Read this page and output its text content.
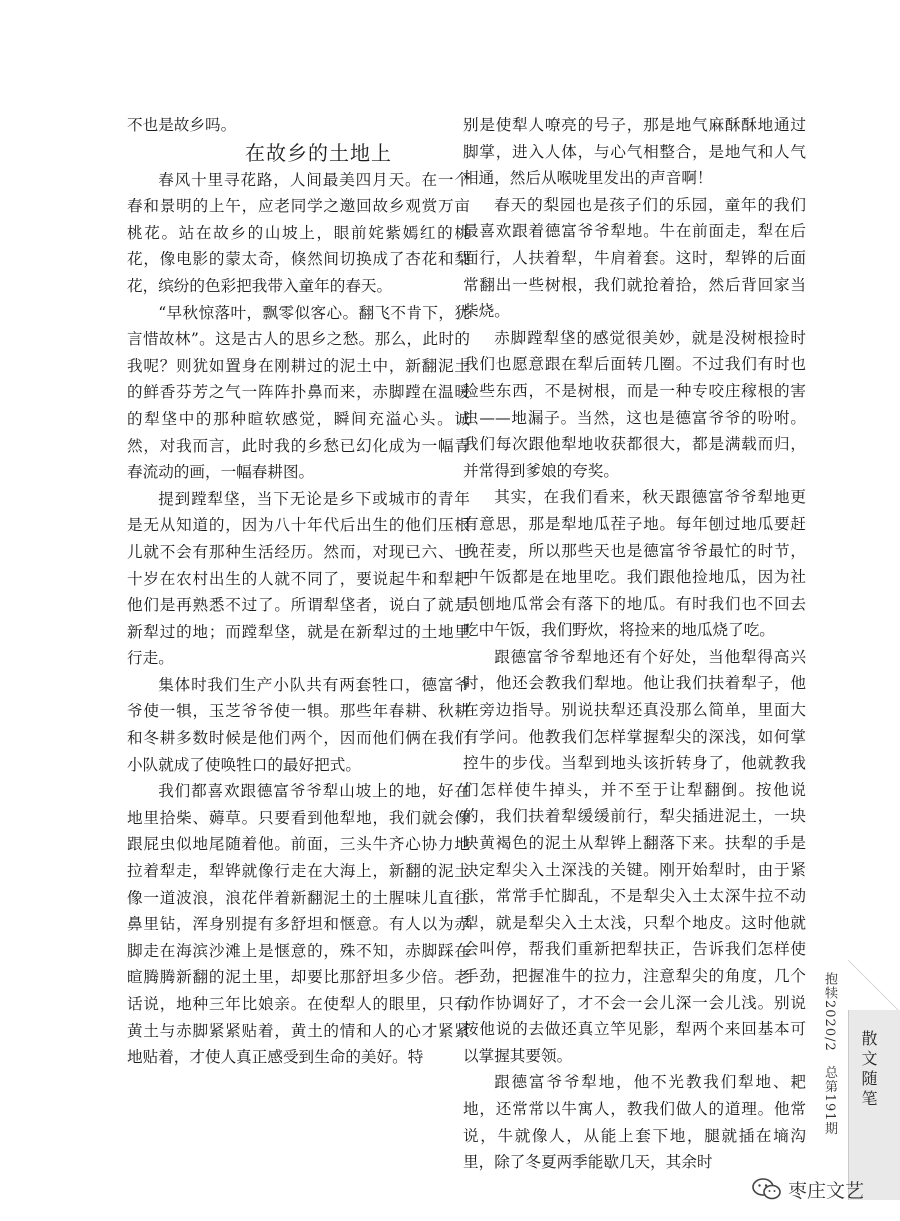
不也是故乡吗。

在故乡的土地上

春风十里寻花路，人间最美四月天。在一个春和景明的上午，应老同学之邀回故乡观赏万亩桃花。站在故乡的山坡上，眼前姹紫嫣红的桃花，像电影的蒙太奇，倏然间切换成了杏花和梨花，缤纷的色彩把我带入童年的春天。

“早秋惊落叶，飘零似客心。翻飞不肯下，犹言惜故林”。这是古人的思乡之愁。那么，此时的我呢？则犹如置身在刚耕过的泥土中，新翻泥土的鲜香芬芳之气一阵阵扑鼻而来，赤脚蹚在温暖的犁垡中的那种暄软感觉，瞬间充溢心头。诚然，对我而言，此时我的乡愁已幻化成为一幅青春流动的画，一幅春耕图。

提到蹚犁垡，当下无论是乡下或城市的青年是无从知道的，因为八十年代后出生的他们压根儿就不会有那种生活经历。然而，对现已六、七十岁在农村出生的人就不同了，要说起牛和犁耙他们是再熟悉不过了。所谓犁垡者，说白了就是新犁过的地；而蹚犁垡，就是在新犁过的土地里行走。

集体时我们生产小队共有两套牲口，德富爷爷使一犋，玉芝爷爷使一犋。那些年春耕、秋耕和冬耕多数时候是他们两个，因而他们俩在我们小队就成了使唤牲口的最好把式。

我们都喜欢跟德富爷爷犁山坡上的地，好在地里拾柴、薅草。只要看到他犁地，我们就会像跟屁虫似地尾随着他。前面，三头牛齐心协力地拉着犁走，犁铧就像行走在大海上，新翻的泥土像一道波浪，浪花伴着新翻泥土的土腥味儿直往鼻里钻，浑身别提有多舒坦和惬意。有人以为赤脚走在海滨沙滩上是惬意的，殊不知，赤脚踩在暄腾腾新翻的泥土里，却要比那舒坦多少倍。老话说，地种三年比娘亲。在使犁人的眼里，只有黄土与赤脚紧紧贴着，黄土的情和人的心才紧紧地贴着，才使人真正感受到生命的美好。特

别是使犁人嘹亮的号子，那是地气麻酥酥地通过脚掌，进入人体，与心气相整合，是地气和人气相通，然后从喉咙里发出的声音啊！

春天的梨园也是孩子们的乐园，童年的我们最喜欢跟着德富爷爷犁地。牛在前面走，犁在后面行，人扶着犁，牛肩着套。这时，犁铧的后面常翻出一些树根，我们就抢着拾，然后背回家当柴烧。

赤脚蹚犁垡的感觉很美妙，就是没树根捡时我们也愿意跟在犁后面转几圈。不过我们有时也捡些东西，不是树根，而是一种专咬庄稼根的害虫——地漏子。当然，这也是德富爷爷的吩咐。我们每次跟他犁地收获都很大，都是满载而归，并常得到爹娘的夸奖。

其实，在我们看来，秋天跟德富爷爷犁地更有意思，那是犁地瓜茬子地。每年刨过地瓜要赶晚茬麦，所以那些天也是德富爷爷最忙的时节，中午饭都是在地里吃。我们跟他捡地瓜，因为社员刨地瓜常会有落下的地瓜。有时我们也不回去吃中午饭，我们野炊，将捡来的地瓜烧了吃。

跟德富爷爷犁地还有个好处，当他犁得高兴时，他还会教我们犁地。他让我们扶着犁子，他在旁边指导。别说扶犁还真没那么简单，里面大有学问。他教我们怎样掌握犁尖的深浅，如何掌控牛的步伐。当犁到地头该折转身了，他就教我们怎样使牛掉头，并不至于让犁翻倒。按他说的，我们扶着犁缓缓前行，犁尖插进泥土，一块块黄褐色的泥土从犁铧上翻落下来。扶犁的手是决定犁尖入土深浅的关键。刚开始犁时，由于紧张，常常手忙脚乱，不是犁尖入土太深牛拉不动犁，就是犁尖入土太浅，只犁个地皮。这时他就会叫停，帮我们重新把犁扶正，告诉我们怎样使手劲，把握准牛的拉力，注意犁尖的角度，几个动作协调好了，才不会一会儿深一会儿浅。别说按他说的去做还真立竿见影，犁两个来回基本可以掌握其要领。

跟德富爷爷犁地，他不光教我们犁地、耙地，还常常以牛寓人，教我们做人的道理。他常说，牛就像人，从能上套下地，腿就插在墒沟里，除了冬夏两季能歇几天，其余时

抱犊2020/2　总第191期 散文随笔
枣庄文艺
